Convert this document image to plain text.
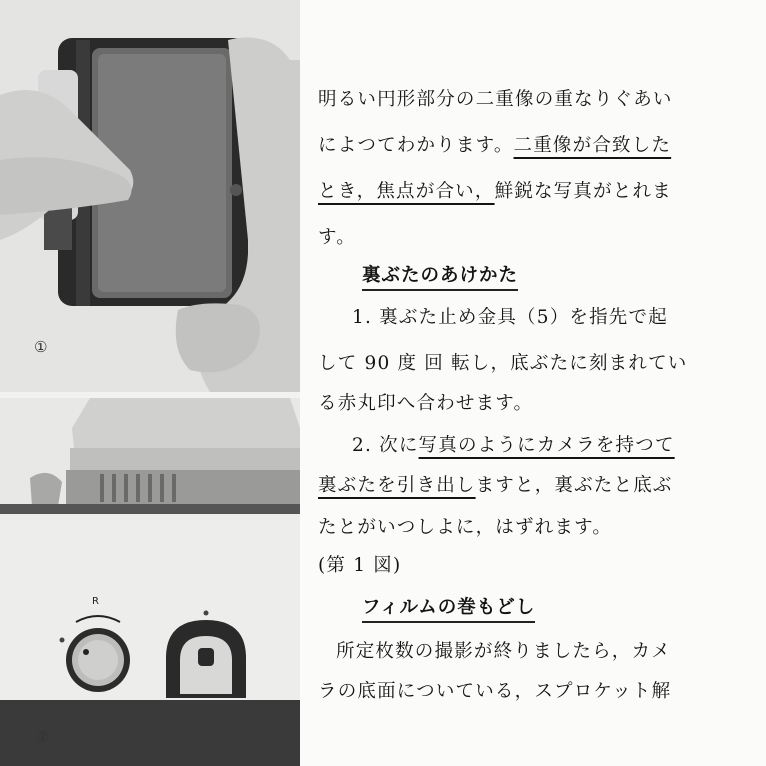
①
R
②
明るい円形部分の二重像の重なりぐあい
によつてわかります。二重像が合致した
とき，焦点が合い，鮮鋭な写真がとれま
す。
裏ぶたのあけかた
1. 裏ぶた止め金具（5）を指先で起
して 90 度 回 転し，底ぶたに刻まれてい
る赤丸印へ合わせます。
2. 次に写真のようにカメラを持つて
裏ぶたを引き出しますと，裏ぶたと底ぶ
たとがいつしよに，はずれます。
(第 1 図)
フィルムの巻もどし
所定枚数の撮影が終りましたら，カメ
ラの底面についている，スプロケット解
